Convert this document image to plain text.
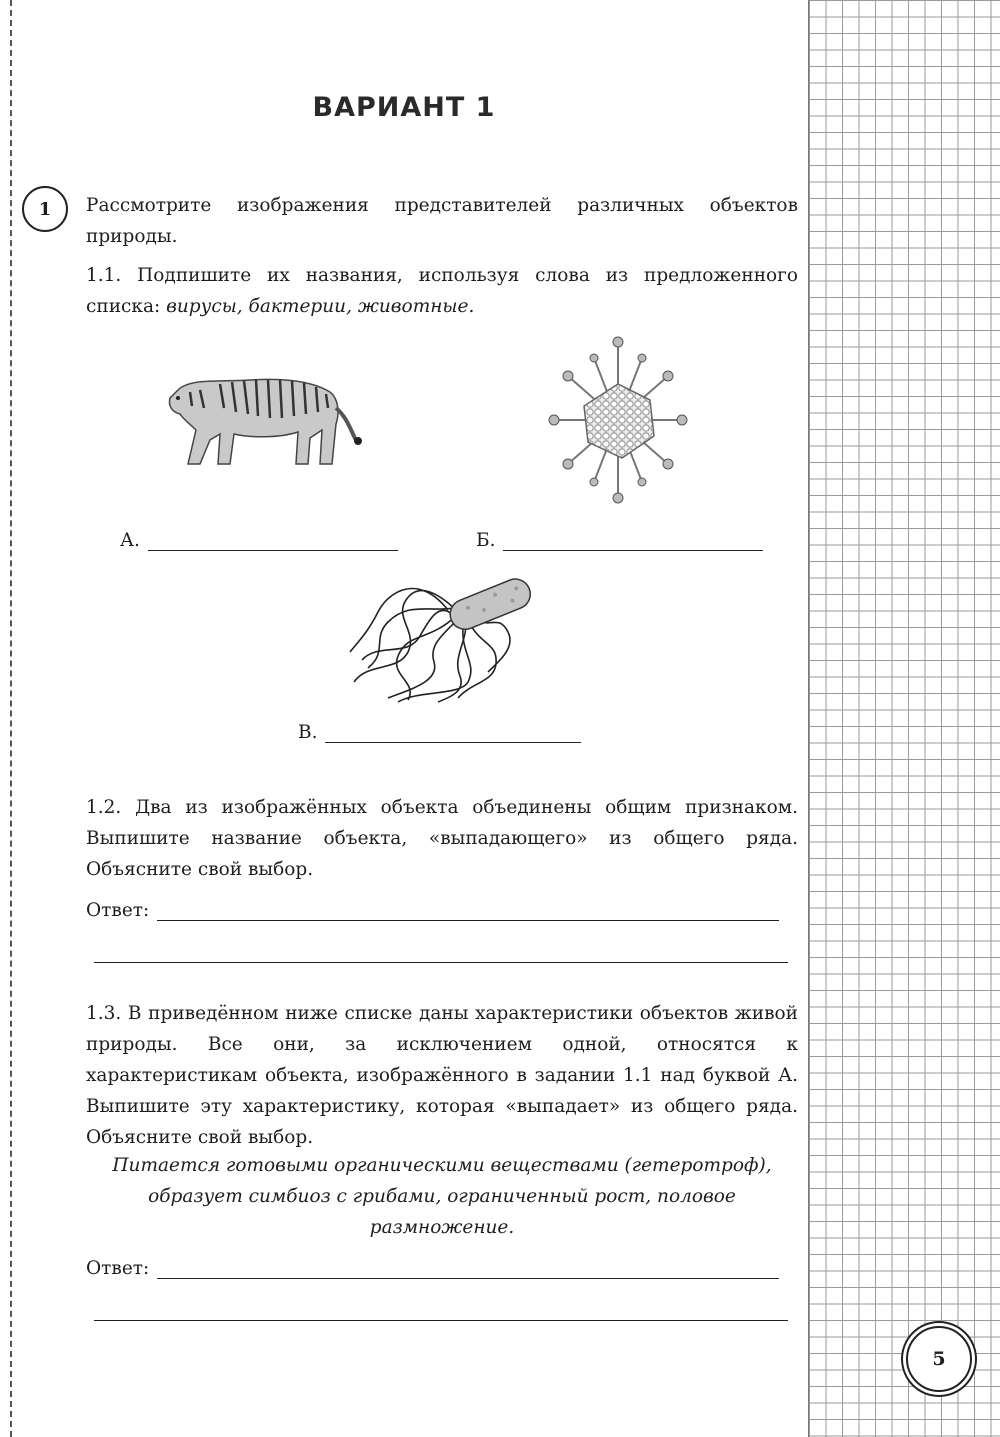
5
ВАРИАНТ 1
1	Рассмотрите изображения представителей различных объектов природы.
1.1. Подпишите их названия, используя слова из предложенного списка: вирусы, бактерии, животные.
А.	Б.
В.
1.2. Два из изображённых объекта объединены общим признаком. Выпишите название объекта, «выпадающего» из общего ряда. Объясните свой выбор.
Ответ:
1.3. В приведённом ниже списке даны характеристики объектов живой природы. Все они, за исключением одной, относятся к характеристикам объекта, изображённого в задании 1.1 над буквой А. Выпишите эту характеристику, которая «выпадает» из общего ряда. Объясните свой выбор.
Питается готовыми органическими веществами (гетеротроф), образует симбиоз с грибами, ограниченный рост, половое размножение.
Ответ:
